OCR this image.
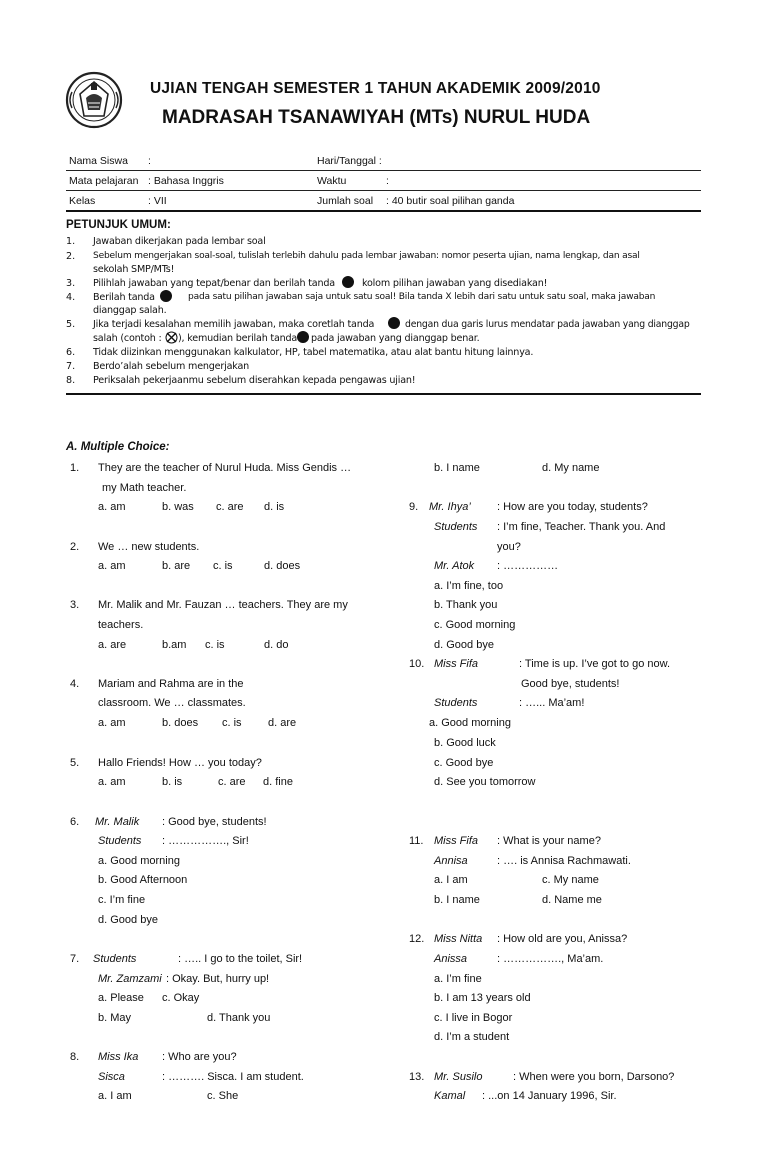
UJIAN TENGAH SEMESTER 1 TAHUN AKADEMIK 2009/2010
MADRASAH TSANAWIYAH (MTs) NURUL HUDA
Nama Siswa :	Hari/Tanggal :
Mata pelajaran : Bahasa Inggris	Waktu	:
Kelas	: VII	Jumlah soal : 40 butir soal pilihan ganda
PETUNJUK UMUM:
1. Jawaban dikerjakan pada lembar soal
2. Sebelum mengerjakan soal-soal, tulislah terlebih dahulu pada lembar jawaban: nomor peserta ujian, nama lengkap, dan asal
sekolah SMP/MTs!
3. Pilihlah jawaban yang tepat/benar dan berilah tanda	kolom pilihan jawaban yang disediakan!
4. Berilah tanda	pada satu pilihan jawaban saja untuk satu soal! Bila tanda X lebih dari satu untuk satu soal, maka jawaban
dianggap salah.
5. Jika terjadi kesalahan memilih jawaban, maka coretlah tanda	dengan dua garis lurus mendatar pada jawaban yang dianggap
salah (contoh : ), kemudian berilah tanda pada jawaban yang dianggap benar.
6. Tidak diizinkan menggunakan kalkulator, HP, tabel matematika, atau alat bantu hitung lainnya.
7. Berdo’alah sebelum mengerjakan
8. Periksalah pekerjaanmu sebelum diserahkan kepada pengawas ujian!
A. Multiple Choice:
1. They are the teacher of Nurul Huda. Miss Gendis …
my Math teacher.
a. am	b. was c. are d. is
2. We … new students.
a. am	b. are c. is	d. does
3. Mr. Malik and Mr. Fauzan … teachers. They are my
teachers.
a. are	b.am c. is	d. do
4. Mariam and Rahma are in the
classroom. We … classmates.
a. am	b. does c. is d. are
5. Hallo Friends! How … you today?
a. am	b. is	c. are d. fine
6. Mr. Malik : Good bye, students!
Students : ……………., Sir!
a. Good morning
b. Good Afternoon
c. I’m fine
d. Good bye
7. Students	: ….. I go to the toilet, Sir!
Mr. Zamzami : Okay. But, hurry up!
a. Please c. Okay
b. May	d. Thank you
8. Miss Ika : Who are you?
Sisca	: ………. Sisca. I am student.
a. I am	c. She
b. I name	d. My name
9. Mr. Ihya’ : How are you today, students?
Students : I’m fine, Teacher. Thank you. And
you?
Mr. Atok : ……………
a. I’m fine, too
b. Thank you
c. Good morning
d. Good bye
10. Miss Fifa	: Time is up. I’ve got to go now.
Good bye, students!
Students	: …... Ma’am!
a. Good morning
b. Good luck
c. Good bye
d. See you tomorrow
11. Miss Fifa : What is your name?
Annisa	: …. is Annisa Rachmawati.
a. I am	c. My name
b. I name	d. Name me
12. Miss Nitta : How old are you, Anissa?
Anissa	: ……………., Ma’am.
a. I’m fine
b. I am 13 years old
c. I live in Bogor
d. I’m a student
13. Mr. Susilo	: When were you born, Darsono?
Kamal : ...on 14 January 1996, Sir.
